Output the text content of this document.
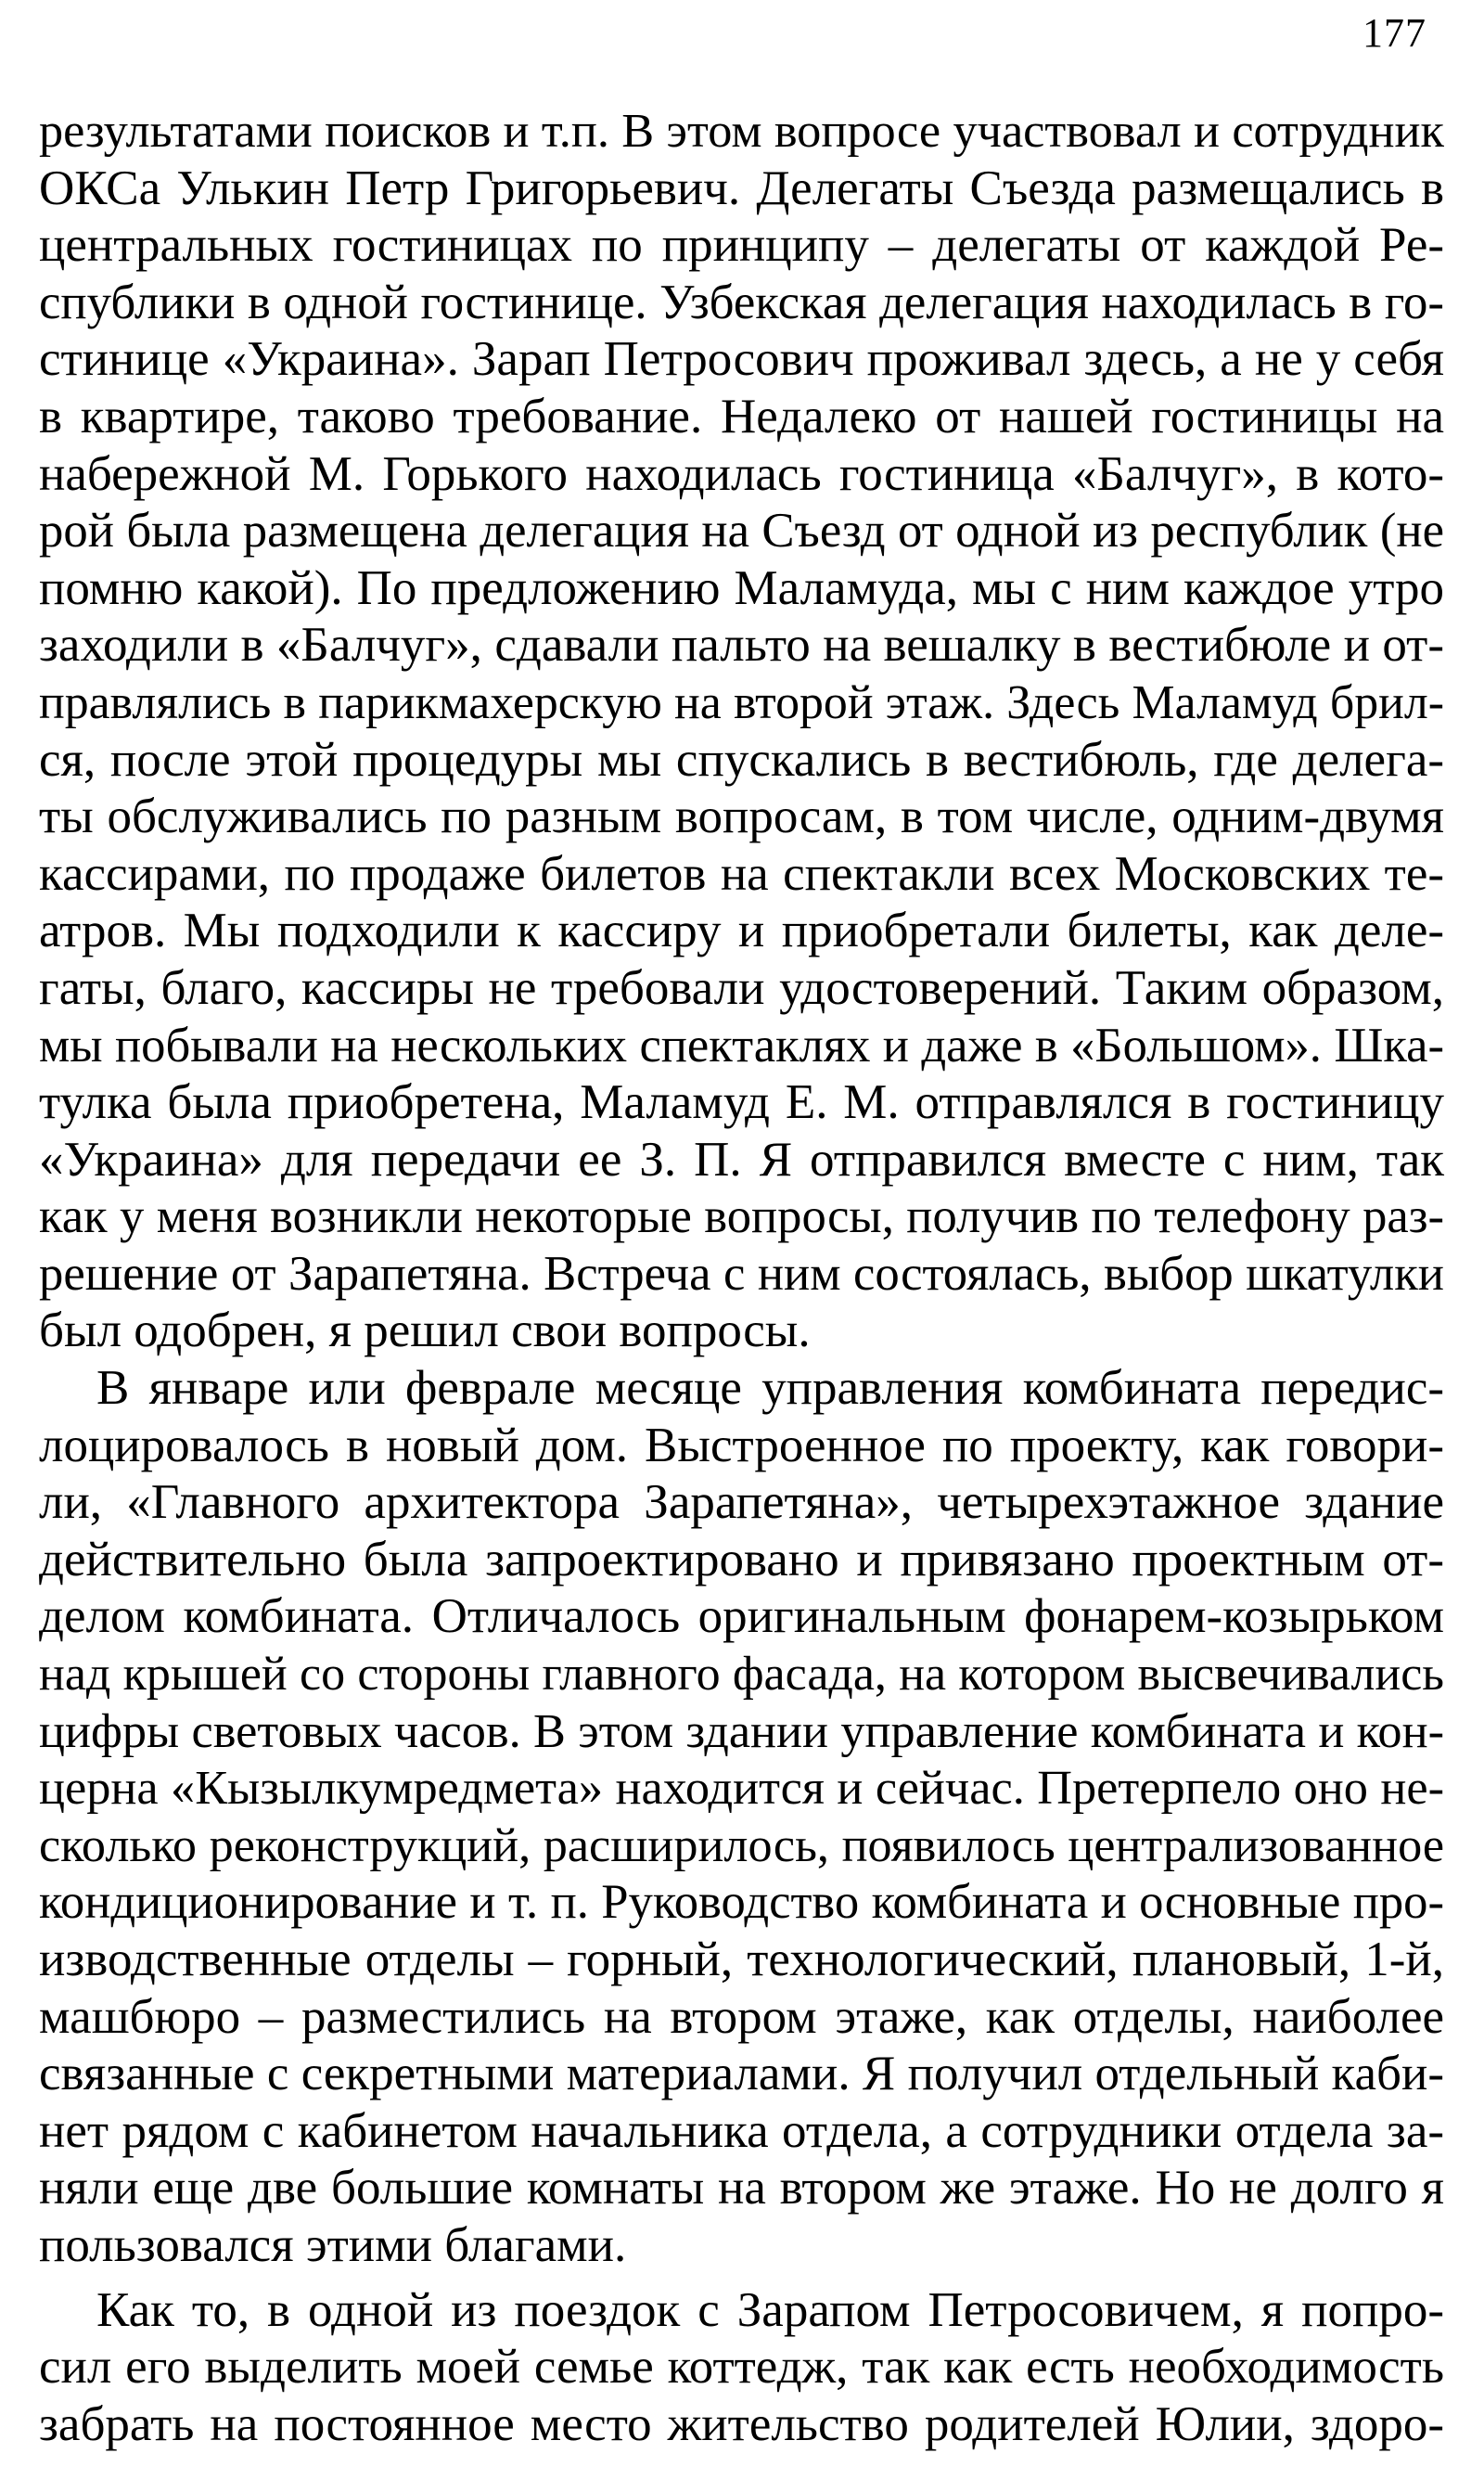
177
результатами поисков и т.п. В этом вопросе участвовал и сотрудник
ОКСа Улькин Петр Григорьевич. Делегаты Съезда размещались в
центральных гостиницах по принципу – делегаты от каждой Ре-
спублики в одной гостинице. Узбекская делегация находилась в го-
стинице «Украина». Зарап Петросович проживал здесь, а не у себя
в квартире, таково требование. Недалеко от нашей гостиницы на
набережной М. Горького находилась гостиница «Балчуг», в кото-
рой была размещена делегация на Съезд от одной из республик (не
помню какой). По предложению Маламуда, мы с ним каждое утро
заходили в «Балчуг», сдавали пальто на вешалку в вестибюле и от-
правлялись в парикмахерскую на второй этаж. Здесь Маламуд брил-
ся, после этой процедуры мы спускались в вестибюль, где делега-
ты обслуживались по разным вопросам, в том числе, одним-двумя
кассирами, по продаже билетов на спектакли всех Московских те-
атров. Мы подходили к кассиру и приобретали билеты, как деле-
гаты, благо, кассиры не требовали удостоверений. Таким образом,
мы побывали на нескольких спектаклях и даже в «Большом». Шка-
тулка была приобретена, Маламуд Е. М. отправлялся в гостиницу
«Украина» для передачи ее З. П. Я отправился вместе с ним, так
как у меня возникли некоторые вопросы, получив по телефону раз-
решение от Зарапетяна. Встреча с ним состоялась, выбор шкатулки
был одобрен, я решил свои вопросы.
В январе или феврале месяце управления комбината передис-
лоцировалось в новый дом. Выстроенное по проекту, как говори-
ли, «Главного архитектора Зарапетяна», четырехэтажное здание
действительно была запроектировано и привязано проектным от-
делом комбината. Отличалось оригинальным фонарем-козырьком
над крышей со стороны главного фасада, на котором высвечивались
цифры световых часов. В этом здании управление комбината и кон-
церна «Кызылкумредмета» находится и сейчас. Претерпело оно не-
сколько реконструкций, расширилось, появилось централизованное
кондиционирование и т. п. Руководство комбината и основные про-
изводственные отделы – горный, технологический, плановый, 1-й,
машбюро – разместились на втором этаже, как отделы, наиболее
связанные с секретными материалами. Я получил отдельный каби-
нет рядом с кабинетом начальника отдела, а сотрудники отдела за-
няли еще две большие комнаты на втором же этаже. Но не долго я
пользовался этими благами.
Как то, в одной из поездок с Зарапом Петросовичем, я попро-
сил его выделить моей семье коттедж, так как есть необходимость
забрать на постоянное место жительство родителей Юлии, здоро-
